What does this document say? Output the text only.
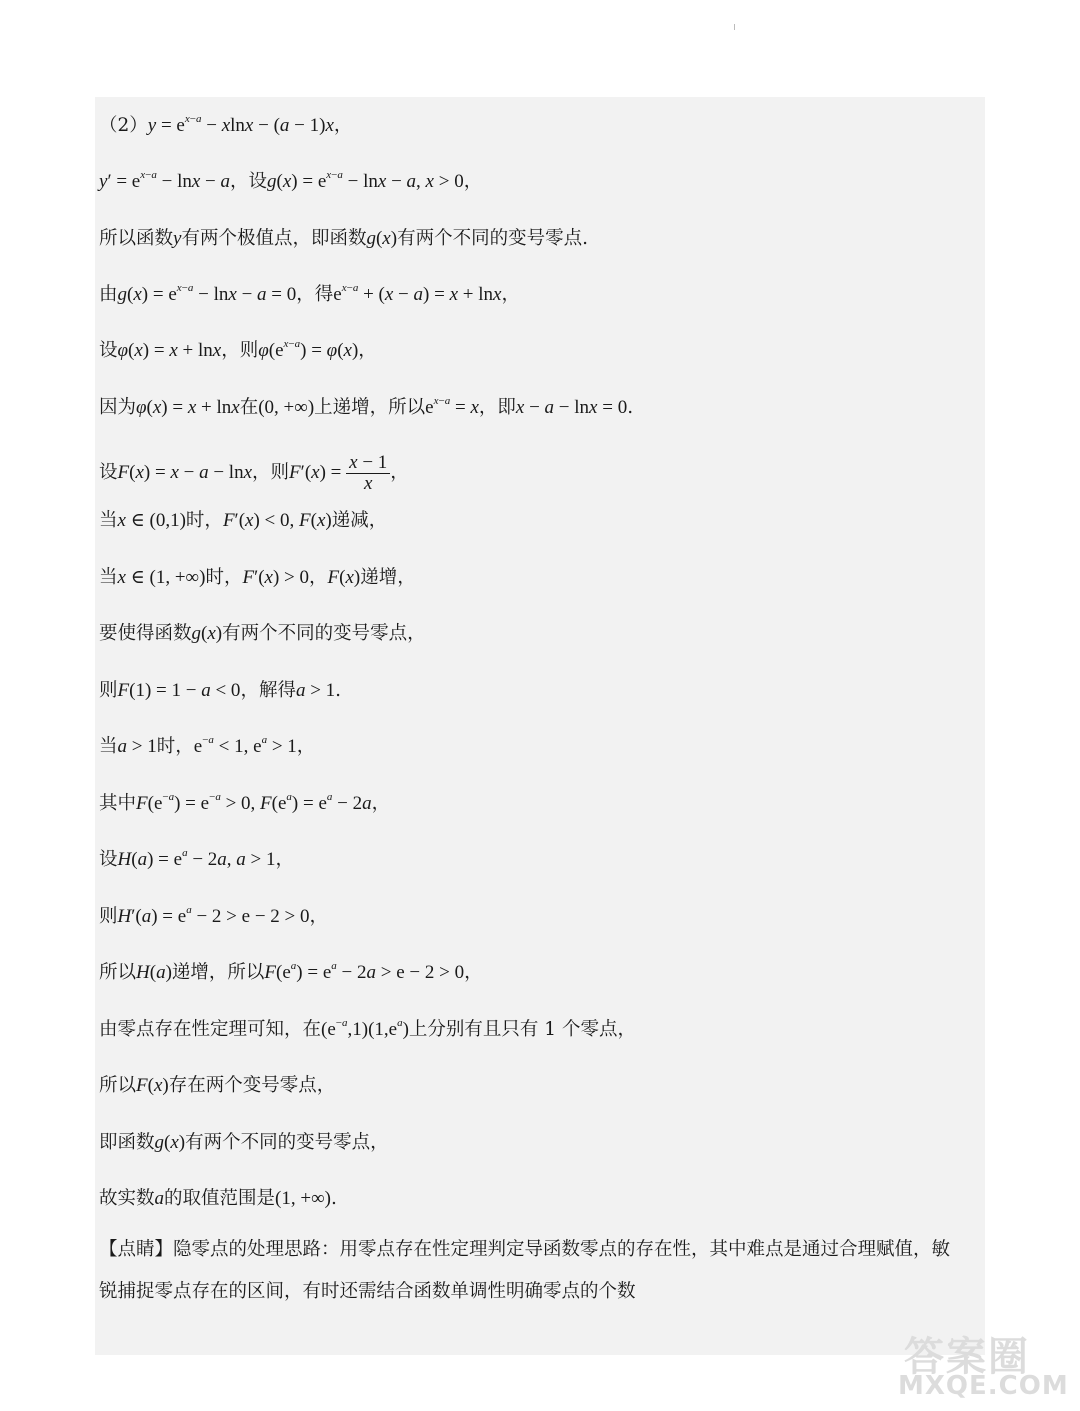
$(2)y = e^{x-a} - xlnx - (a - 1)x$，
$y' = e^{x-a} - \ln x - a$，设$g(x) = e^{x-a} - \ln x - a$, x > 0，
所以函数y有两个极值点，即函数g(x)有两个不同的变号零点.
由$g(x) = e^{x-a} - \ln x - a = 0$，得$e^{x-a} + (x - a) = x + \ln x$，
设φ(x) = x + lnx，则$\varphi(e^{x-a}) = \varphi(x)$，
因为φ(x) = x + lnx在(0, +∞)上递增，所以$e^{x-a} = x$，即x − a − lnx = 0.
设F(x) = x − a − lnx，则$F'(x) = \frac{x - 1}{x}$ ，
当x ∈ (0,1)时，F′(x) < 0, F(x)递减，
当x ∈ (1, +∞)时，F′(x) > 0，F(x)递增，
要使得函数g(x)有两个不同的变号零点，
则F(1) = 1 − a < 0，解得a > 1.
当a > 1时，$e^{-a} < 1$, $e^a > 1$，
其中$F(e^{-a}) = e^{-a} > 0$, $F(e^a) = e^a - 2a$，
设$H(a) = e^a - 2a$, a > 1，
则$H'(a) = e^a - 2 > e - 2 > 0$，
所以H(a)递增，所以$F(e^a) = e^a - 2a > e - 2 > 0$，
由零点存在性定理可知，在$(e^{-a},1)(1,e^a)$上分别有且只有 1 个零点，
所以F(x)存在两个变号零点，
即函数g(x)有两个不同的变号零点，
故实数a的取值范围是(1, +∞).
【点睛】隐零点的处理思路：用零点存在性定理判定导函数零点的存在性，其中难点是通过合理赋值，敏
锐捕捉零点存在的区间，有时还需结合函数单调性明确零点的个数
答案圈
MXQE.COM
